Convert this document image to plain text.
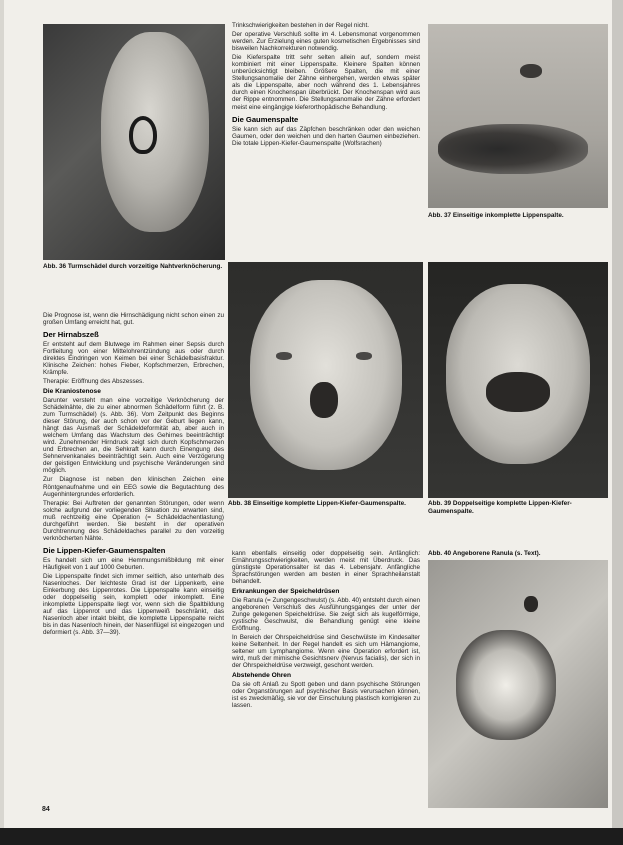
Abb. 36 Turmschädel durch vorzeitige Nahtverknöcherung.
Abb. 37 Einseitige inkomplette Lippenspalte.
Abb. 38 Einseitige komplette Lippen-Kiefer-Gaumenspalte.	Abb. 39 Doppelseitige komplette Lippen-Kiefer-Gaumenspalte.
Abb. 40 Angeborene Ranula (s. Text).

Trinkschwierigkeiten bestehen in der Regel nicht.

Der operative Verschluß sollte im 4. Lebensmonat vorgenommen werden. Zur Erzielung eines guten kosmetischen Ergebnisses sind bisweilen Nachkorrekturen notwendig.

Die Kieferspalte tritt sehr selten allein auf, sondern meist kombiniert mit einer Lippenspalte. Kleinere Spalten können unberücksichtigt bleiben. Größere Spalten, die mit einer Stellungsanomalie der Zähne einhergehen, werden etwas später als die Lippenspalte, aber noch während des 1. Lebensjahres durch einen Knochenspan überbrückt. Der Knochenspan wird aus der Rippe entnommen. Die Stellungsanomalie der Zähne erfordert meist eine eingängige kieferorthopädische Behandlung.

Die Gaumenspalte

Sie kann sich auf das Zäpfchen beschränken oder den weichen Gaumen, oder den weichen und den harten Gaumen einbeziehen. Die totale Lippen-Kiefer-Gaumenspalte (Wolfsrachen)

Die Prognose ist, wenn die Hirnschädigung nicht schon einen zu großen Umfang erreicht hat, gut.

Der Hirnabszeß

Er entsteht auf dem Blutwege im Rahmen einer Sepsis durch Fortleitung von einer Mittelohrentzündung aus oder durch direktes Eindringen von Keimen bei einer Schädelbasisfraktur. Klinische Zeichen: hohes Fieber, Kopfschmerzen, Erbrechen, Krämpfe.

Therapie: Eröffnung des Abszesses.

Die Kraniostenose

Darunter versteht man eine vorzeitige Verknöcherung der Schädelnähte, die zu einer abnormen Schädelform führt (z. B. zum Turmschädel) (s. Abb. 36). Vom Zeitpunkt des Beginns dieser Störung, der auch schon vor der Geburt liegen kann, hängt das Ausmaß der Schädeldeformität ab, aber auch in welchem Umfang das Wachstum des Gehirnes beeinträchtigt wird. Zunehmender Hirndruck zeigt sich durch Kopfschmerzen und Erbrechen an, die Sehkraft kann durch Einengung des Sehnervenkanales beeinträchtigt sein. Auch eine Verzögerung der geistigen Entwicklung und psychische Veränderungen sind möglich.

Zur Diagnose ist neben den klinischen Zeichen eine Röntgenaufnahme und ein EEG sowie die Begutachtung des Augenhintergrundes erforderlich.

Therapie: Bei Auftreten der genannten Störungen, oder wenn solche aufgrund der vorliegenden Situation zu erwarten sind, muß rechtzeitig eine Operation (= Schädeldachentlastung) durchgeführt werden. Sie besteht in der operativen Durchtrennung des Schädeldaches parallel zu den vorzeitig verknöcherten Nähte.

Die Lippen-Kiefer-Gaumenspalten

Es handelt sich um eine Hemmungsmißbildung mit einer Häufigkeit von 1 auf 1000 Geburten.

Die Lippenspalte findet sich immer seitlich, also unterhalb des Nasenloches. Der leichteste Grad ist der Lippenkerb, eine Einkerbung des Lippenrotes. Die Lippenspalte kann einseitig oder doppelseitig sein, komplett oder inkomplett. Eine inkomplette Lippenspalte liegt vor, wenn sich die Spaltbildung auf das Lippenrot und das Lippenweiß beschränkt, das Nasenloch aber intakt bleibt, die komplette Lippenspalte reicht bis in das Nasenloch hinein, der Nasenflügel ist eingezogen und deformiert (s. Abb. 37—39).

kann ebenfalls einseitig oder doppelseitig sein. Anfänglich: Ernährungsschwierigkeiten, werden meist mit Überdruck. Das günstigste Operationsalter ist das 4. Lebensjahr. Anfängliche Sprachstörungen werden am besten in einer Sprachheilanstalt behandelt.

Erkrankungen der Speicheldrüsen

Die Ranula (= Zungengeschwulst) (s. Abb. 40) entsteht durch einen angeborenen Verschluß des Ausführungsganges der unter der Zunge gelegenen Speicheldrüse. Sie zeigt sich als kugelförmige, cystische Geschwulst, die Behandlung genügt eine kleine Eröffnung.

In Bereich der Ohrspeicheldrüse sind Geschwülste im Kindesalter keine Seltenheit. In der Regel handelt es sich um Hämangiome, seltener um Lymphangiome. Wenn eine Operation erfordert ist, wird, muß der mimische Gesichtsnerv (Nervus facialis), der sich in der Ohrspeicheldrüse verzweigt, geschont werden.

Abstehende Ohren

Da sie oft Anlaß zu Spott geben und dann psychische Störungen oder Organstörungen auf psychischer Basis verursachen können, ist es zweckmäßig, sie vor der Einschulung plastisch korrigieren zu lassen.

84
